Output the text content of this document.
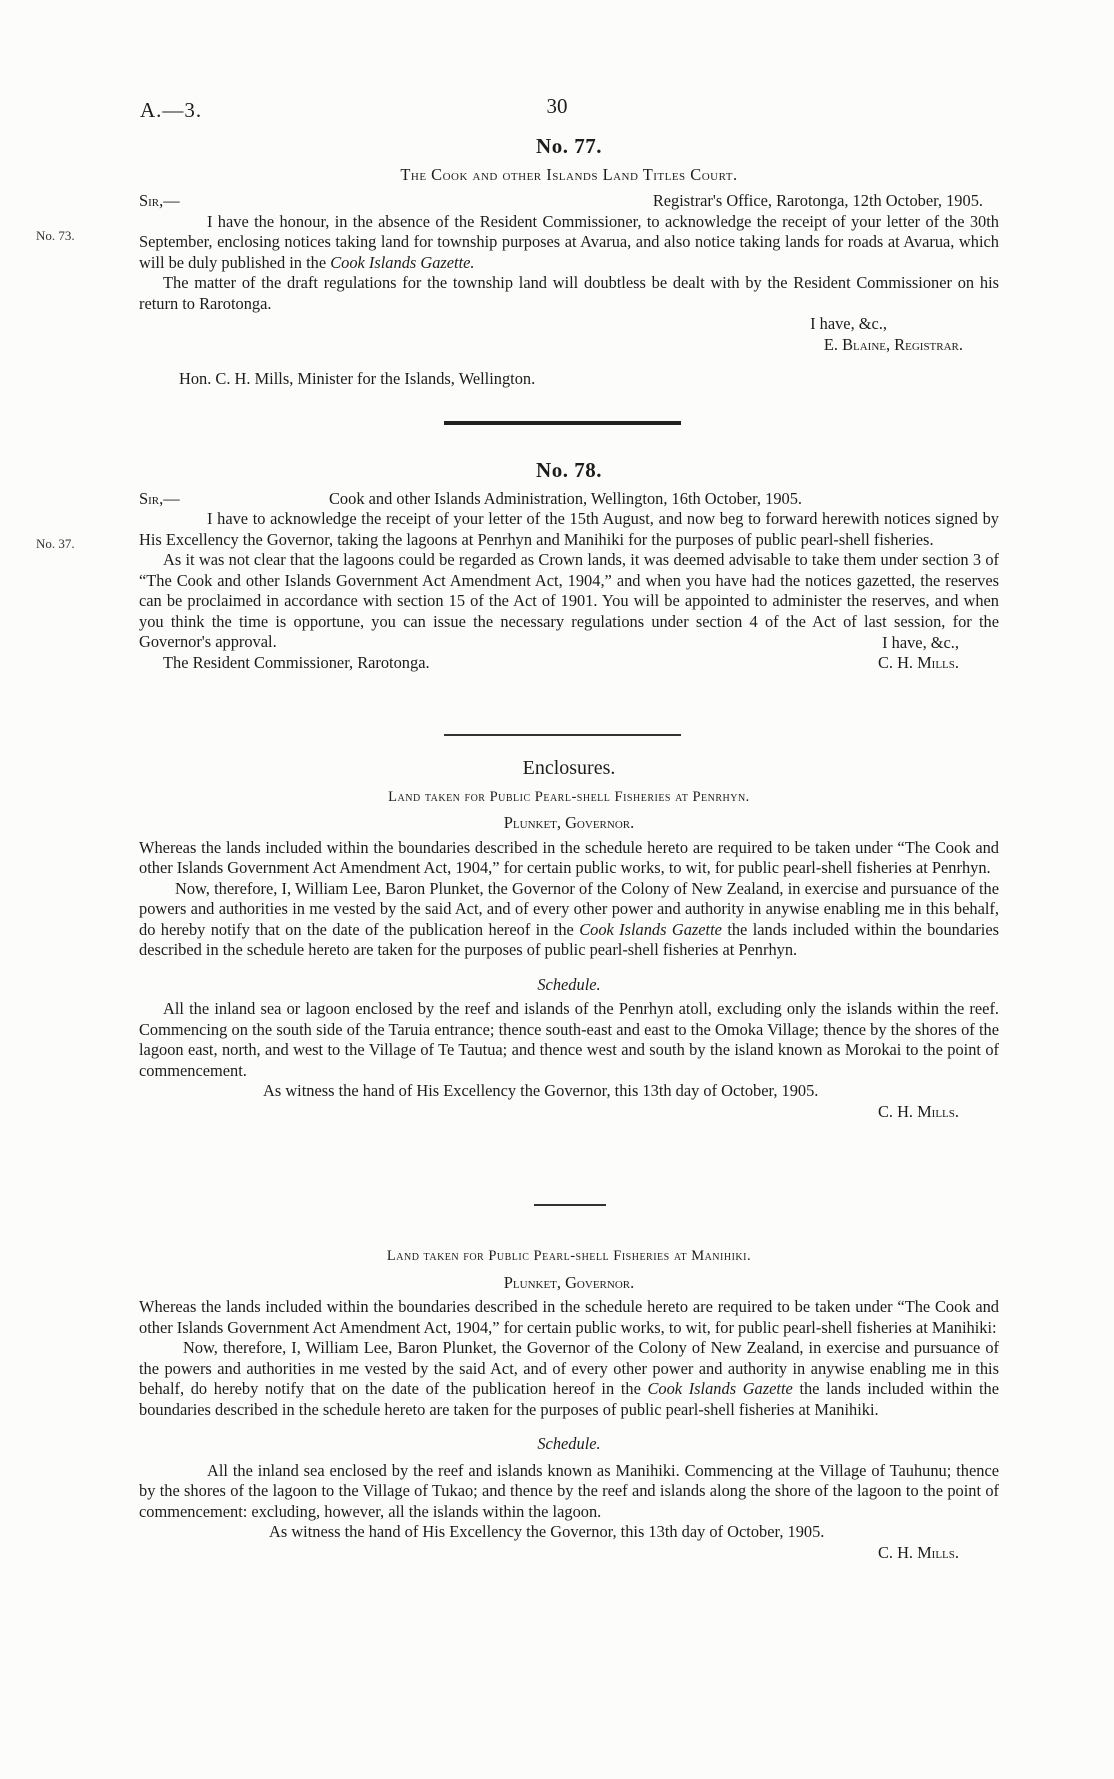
A.—3.	30
No. 73.
No. 77.
The Cook and other Islands Land Titles Court.
Sir,—	Registrar's Office, Rarotonga, 12th October, 1905.

I have the honour, in the absence of the Resident Commissioner, to acknowledge the receipt of your letter of the 30th September, enclosing notices taking land for township purposes at Avarua, and also notice taking lands for roads at Avarua, which will be duly published in the Cook Islands Gazette.

The matter of the draft regulations for the township land will doubtless be dealt with by the Resident Commissioner on his return to Rarotonga.

I have, &c.,
E. Blaine, Registrar.
Hon. C. H. Mills, Minister for the Islands, Wellington.
No. 37.
No. 78.
Sir,—	Cook and other Islands Administration, Wellington, 16th October, 1905.

I have to acknowledge the receipt of your letter of the 15th August, and now beg to forward herewith notices signed by His Excellency the Governor, taking the lagoons at Penrhyn and Manihiki for the purposes of public pearl-shell fisheries.

As it was not clear that the lagoons could be regarded as Crown lands, it was deemed advisable to take them under section 3 of “The Cook and other Islands Government Act Amendment Act, 1904,” and when you have had the notices gazetted, the reserves can be proclaimed in accordance with section 15 of the Act of 1901. You will be appointed to administer the reserves, and when you think the time is opportune, you can issue the necessary regulations under section 4 of the Act of last session, for the Governor's approval.

The Resident Commissioner, Rarotonga.
I have, &c.,
C. H. Mills.
Enclosures.
Land taken for Public Pearl-shell Fisheries at Penrhyn.
Plunket, Governor.

Whereas the lands included within the boundaries described in the schedule hereto are required to be taken under “The Cook and other Islands Government Act Amendment Act, 1904,” for certain public works, to wit, for public pearl-shell fisheries at Penrhyn.

Now, therefore, I, William Lee, Baron Plunket, the Governor of the Colony of New Zealand, in exercise and pursuance of the powers and authorities in me vested by the said Act, and of every other power and authority in anywise enabling me in this behalf, do hereby notify that on the date of the publication hereof in the Cook Islands Gazette the lands included within the boundaries described in the schedule hereto are taken for the purposes of public pearl-shell fisheries at Penrhyn.

Schedule.

All the inland sea or lagoon enclosed by the reef and islands of the Penrhyn atoll, excluding only the islands within the reef. Commencing on the south side of the Taruia entrance; thence south-east and east to the Omoka Village; thence by the shores of the lagoon east, north, and west to the Village of Te Tautua; and thence west and south by the island known as Morokai to the point of commencement.

As witness the hand of His Excellency the Governor, this 13th day of October, 1905.
C. H. Mills.
Land taken for Public Pearl-shell Fisheries at Manihiki.
Plunket, Governor.

Whereas the lands included within the boundaries described in the schedule hereto are required to be taken under “The Cook and other Islands Government Act Amendment Act, 1904,” for certain public works, to wit, for public pearl-shell fisheries at Manihiki:

Now, therefore, I, William Lee, Baron Plunket, the Governor of the Colony of New Zealand, in exercise and pursuance of the powers and authorities in me vested by the said Act, and of every other power and authority in anywise enabling me in this behalf, do hereby notify that on the date of the publication hereof in the Cook Islands Gazette the lands included within the boundaries described in the schedule hereto are taken for the purposes of public pearl-shell fisheries at Manihiki.

Schedule.

All the inland sea enclosed by the reef and islands known as Manihiki. Commencing at the Village of Tauhunu; thence by the shores of the lagoon to the Village of Tukao; and thence by the reef and islands along the shore of the lagoon to the point of commencement: excluding, however, all the islands within the lagoon.

As witness the hand of His Excellency the Governor, this 13th day of October, 1905.
C. H. Mills.
